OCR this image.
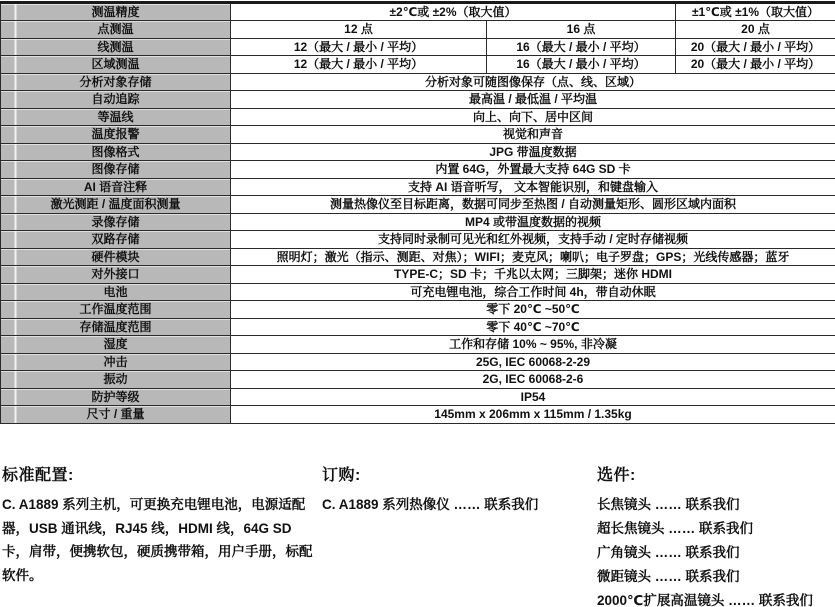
测温精度	±2℃或 ±2%（取大值）		±1℃或 ±1%（取大值）
点测温	12 点	16 点	20 点
线测温	12（最大 / 最小 / 平均）	16（最大 / 最小 / 平均）	20（最大 / 最小 / 平均）
区域测温	12（最大 / 最小 / 平均）	16（最大 / 最小 / 平均）	20（最大 / 最小 / 平均）
分析对象存储	分析对象可随图像保存（点、线、区域）		
自动追踪	最高温 / 最低温 / 平均温		
等温线	向上、向下、居中区间		
温度报警	视觉和声音		
图像格式	JPG 带温度数据		
图像存储	内置 64G，外置最大支持 64G SD 卡		
AI 语音注释	支持 AI 语音听写， 文本智能识别，和键盘输入		
激光测距 / 温度面积测量	测量热像仪至目标距离，数据可同步至热图 / 自动测量矩形、圆形区域内面积		
录像存储	MP4 或带温度数据的视频		
双路存储	支持同时录制可见光和红外视频，支持手动 / 定时存储视频		
硬件模块	照明灯；激光（指示、测距、对焦）；WIFI；麦克风；喇叭；电子罗盘；GPS；光线传感器；蓝牙		
对外接口	TYPE-C；SD 卡；千兆以太网；三脚架；迷你 HDMI		
电池	可充电锂电池，综合工作时间 4h，带自动休眠		
工作温度范围	零下 20℃ ~50℃		
存储温度范围	零下 40℃ ~70℃		
湿度	工作和存储 10% ~ 95%, 非冷凝		
冲击	25G, IEC 60068-2-29		
振动	2G, IEC 60068-2-6		
防护等级	IP54		
尺寸 / 重量	145mm x 206mm x 115mm / 1.35kg		
标准配置:

C. A1889 系列主机，可更换充电锂电池，电源适配器，USB 通讯线，RJ45 线，HDMI 线，64G SD 卡，肩带，便携软包，硬质携带箱，用户手册，标配软件。

订购:
C. A1889 系列热像仪 …… 联系我们
选件:
长焦镜头 …… 联系我们
超长焦镜头 …… 联系我们
广角镜头 …… 联系我们
微距镜头 …… 联系我们
2000℃扩展高温镜头 …… 联系我们
